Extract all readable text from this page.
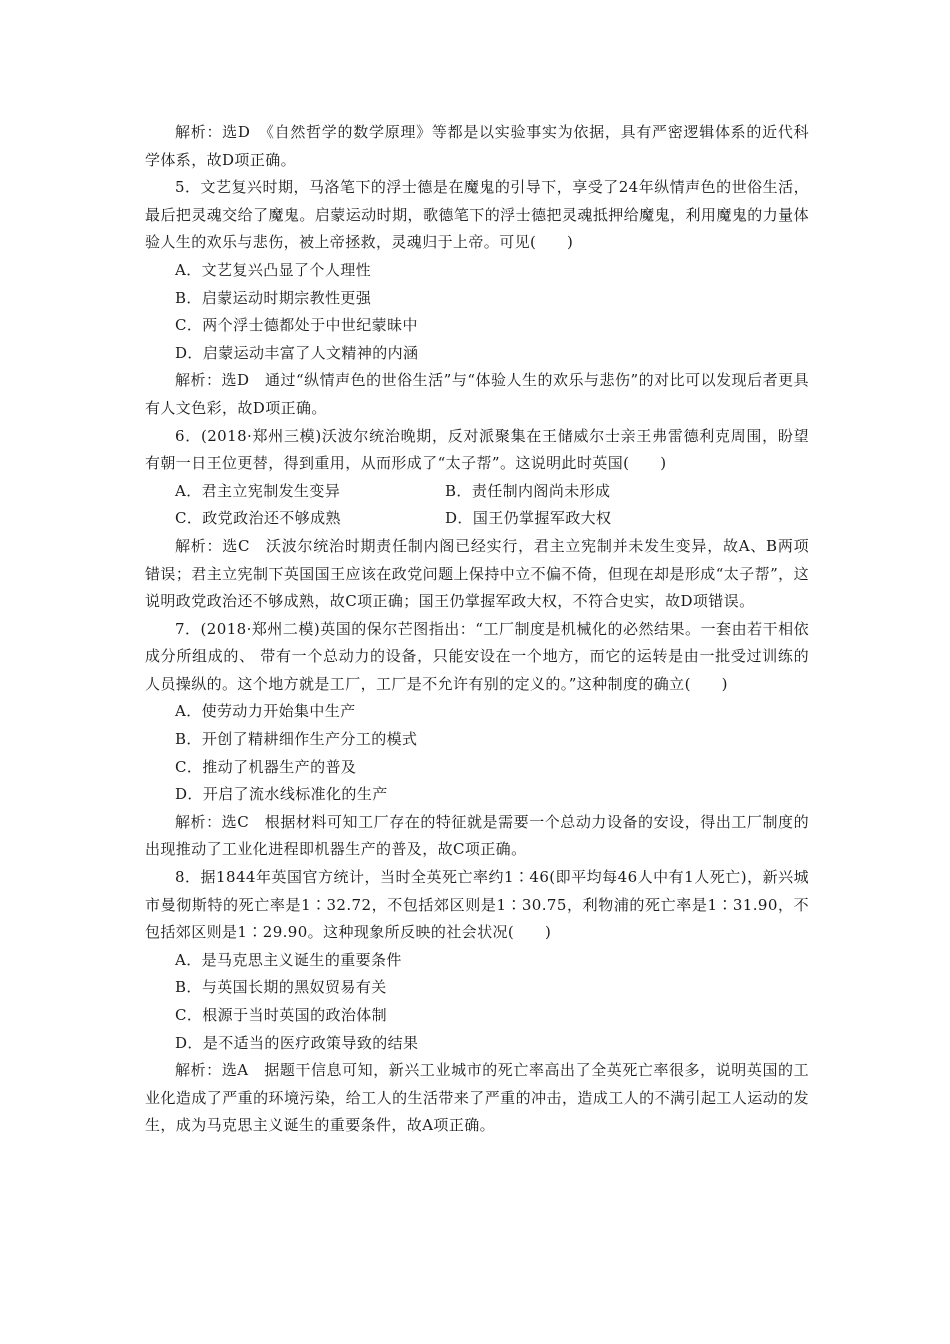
解析：选D　《自然哲学的数学原理》等都是以实验事实为依据，具有严密逻辑体系的近代科学体系，故D项正确。

5．文艺复兴时期，马洛笔下的浮士德是在魔鬼的引导下，享受了24年纵情声色的世俗生活，最后把灵魂交给了魔鬼。启蒙运动时期，歌德笔下的浮士德把灵魂抵押给魔鬼，利用魔鬼的力量体验人生的欢乐与悲伤，被上帝拯救，灵魂归于上帝。可见(　　)

A．文艺复兴凸显了个人理性

B．启蒙运动时期宗教性更强

C．两个浮士德都处于中世纪蒙昧中

D．启蒙运动丰富了人文精神的内涵

解析：选D　通过“纵情声色的世俗生活”与“体验人生的欢乐与悲伤”的对比可以发现后者更具有人文色彩，故D项正确。

6．(2018·郑州三模)沃波尔统治晚期，反对派聚集在王储威尔士亲王弗雷德利克周围，盼望有朝一日王位更替，得到重用，从而形成了“太子帮”。这说明此时英国(　　)

A．君主立宪制发生变异	B．责任制内阁尚未形成
C．政党政治还不够成熟	D．国王仍掌握军政大权

解析：选C　沃波尔统治时期责任制内阁已经实行，君主立宪制并未发生变异，故A、B两项错误；君主立宪制下英国国王应该在政党问题上保持中立不偏不倚，但现在却是形成“太子帮”，这说明政党政治还不够成熟，故C项正确；国王仍掌握军政大权，不符合史实，故D项错误。

7．(2018·郑州二模)英国的保尔芒图指出：“工厂制度是机械化的必然结果。一套由若干相依成分所组成的、 带有一个总动力的设备，只能安设在一个地方，而它的运转是由一批受过训练的人员操纵的。这个地方就是工厂，工厂是不允许有别的定义的。”这种制度的确立(　　)

A．使劳动力开始集中生产

B．开创了精耕细作生产分工的模式

C．推动了机器生产的普及

D．开启了流水线标准化的生产

解析：选C　根据材料可知工厂存在的特征就是需要一个总动力设备的安设，得出工厂制度的出现推动了工业化进程即机器生产的普及，故C项正确。

8．据1844年英国官方统计，当时全英死亡率约1∶46(即平均每46人中有1人死亡)，新兴城市曼彻斯特的死亡率是1∶32.72，不包括郊区则是1∶30.75，利物浦的死亡率是1∶31.90，不包括郊区则是1∶29.90。这种现象所反映的社会状况(　　)

A．是马克思主义诞生的重要条件

B．与英国长期的黑奴贸易有关

C．根源于当时英国的政治体制

D．是不适当的医疗政策导致的结果

解析：选A　据题干信息可知，新兴工业城市的死亡率高出了全英死亡率很多，说明英国的工业化造成了严重的环境污染，给工人的生活带来了严重的冲击，造成工人的不满引起工人运动的发生，成为马克思主义诞生的重要条件，故A项正确。
